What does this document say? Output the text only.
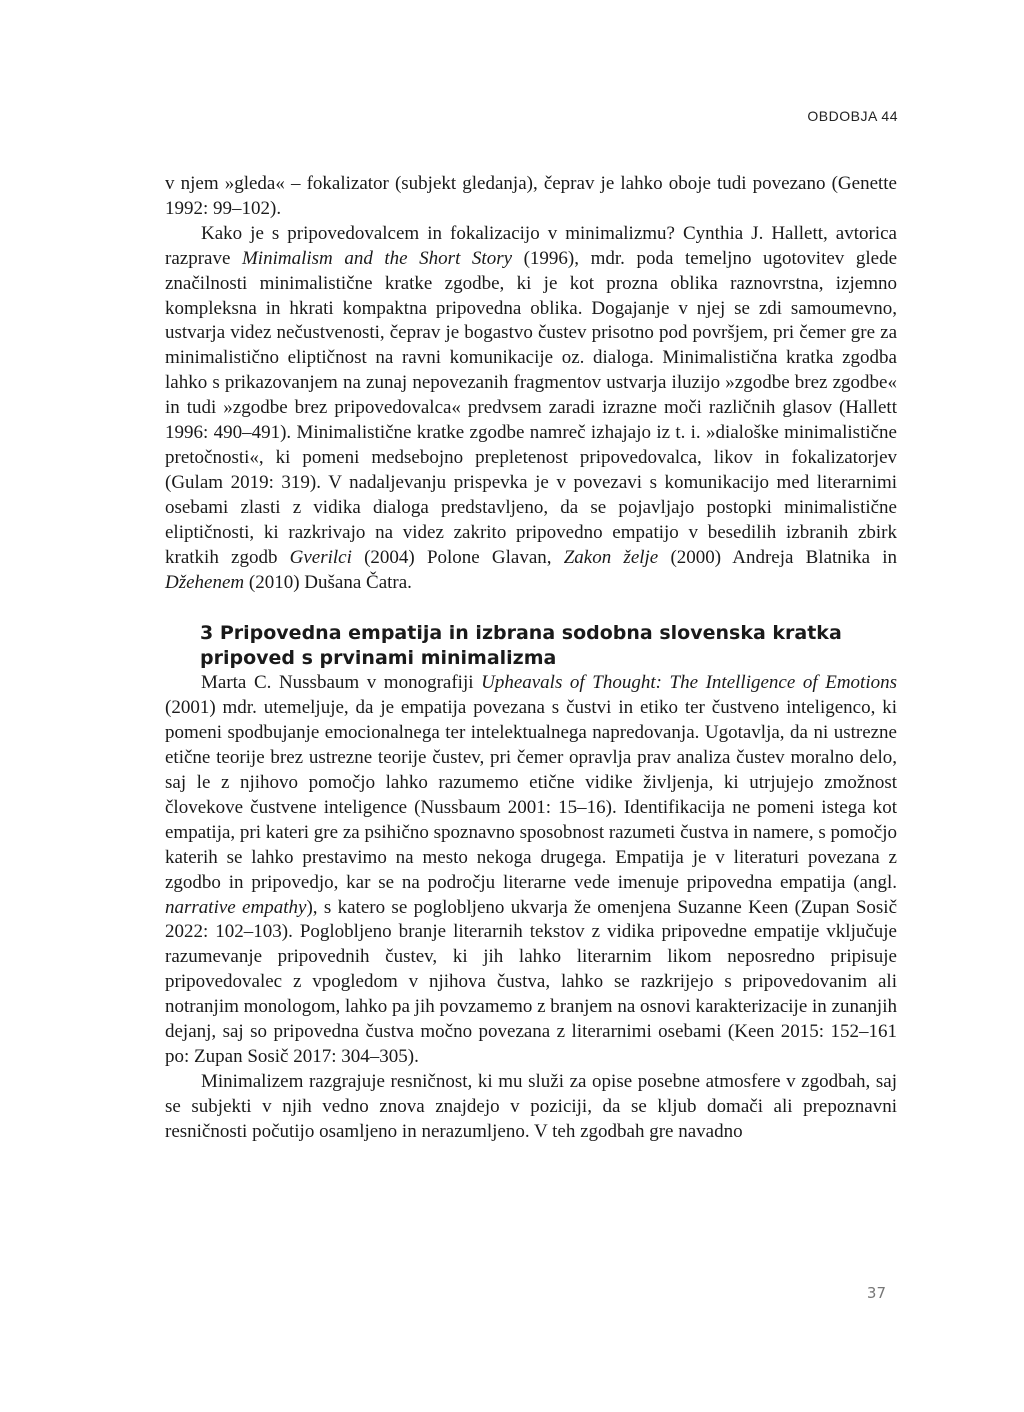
OBDOBJA 44

v njem »gleda« – fokalizator (subjekt gledanja), čeprav je lahko oboje tudi povezano (Genette 1992: 99–102).

Kako je s pripovedovalcem in fokalizacijo v minimalizmu? Cynthia J. Hallett, avtorica razprave Minimalism and the Short Story (1996), mdr. poda temeljno ugotovitev glede značilnosti minimalistične kratke zgodbe, ki je kot prozna oblika raznovrstna, izjemno kompleksna in hkrati kompaktna pripovedna oblika. Dogajanje v njej se zdi samoumevno, ustvarja videz nečustvenosti, čeprav je bogastvo čustev prisotno pod površjem, pri čemer gre za minimalistično eliptičnost na ravni komunikacije oz. dialoga. Minimalistična kratka zgodba lahko s prikazovanjem na zunaj nepovezanih fragmentov ustvarja iluzijo »zgodbe brez zgodbe« in tudi »zgodbe brez pripovedovalca« predvsem zaradi izrazne moči različnih glasov (Hallett 1996: 490–491). Minimalistične kratke zgodbe namreč izhajajo iz t. i. »dialoške minimalistične pretočnosti«, ki pomeni medsebojno prepletenost pripovedovalca, likov in fokalizatorjev (Gulam 2019: 319). V nadaljevanju prispevka je v povezavi s komunikacijo med literarnimi osebami zlasti z vidika dialoga predstavljeno, da se pojavljajo postopki minimalistične eliptičnosti, ki razkrivajo na videz zakrito pripovedno empatijo v besedilih izbranih zbirk kratkih zgodb Gverilci (2004) Polone Glavan, Zakon želje (2000) Andreja Blatnika in Džehenem (2010) Dušana Čatra.

3 Pripovedna empatija in izbrana sodobna slovenska kratka pripoved s prvinami minimalizma

Marta C. Nussbaum v monografiji Upheavals of Thought: The Intelligence of Emotions (2001) mdr. utemeljuje, da je empatija povezana s čustvi in etiko ter čustveno inteligenco, ki pomeni spodbujanje emocionalnega ter intelektualnega napredovanja. Ugotavlja, da ni ustrezne etične teorije brez ustrezne teorije čustev, pri čemer opravlja prav analiza čustev moralno delo, saj le z njihovo pomočjo lahko razumemo etične vidike življenja, ki utrjujejo zmožnost človekove čustvene inteligence (Nussbaum 2001: 15–16). Identifikacija ne pomeni istega kot empatija, pri kateri gre za psihično spoznavno sposobnost razumeti čustva in namere, s pomočjo katerih se lahko prestavimo na mesto nekoga drugega. Empatija je v literaturi povezana z zgodbo in pripovedjo, kar se na področju literarne vede imenuje pripovedna empatija (angl. narrative empathy), s katero se poglobljeno ukvarja že omenjena Suzanne Keen (Zupan Sosič 2022: 102–103). Poglobljeno branje literarnih tekstov z vidika pripovedne empatije vključuje razumevanje pripovednih čustev, ki jih lahko literarnim likom neposredno pripisuje pripovedovalec z vpogledom v njihova čustva, lahko se razkrijejo s pripovedovanim ali notranjim monologom, lahko pa jih povzamemo z branjem na osnovi karakterizacije in zunanjih dejanj, saj so pripovedna čustva močno povezana z literarnimi osebami (Keen 2015: 152–161 po: Zupan Sosič 2017: 304–305).

Minimalizem razgrajuje resničnost, ki mu služi za opise posebne atmosfere v zgodbah, saj se subjekti v njih vedno znova znajdejo v poziciji, da se kljub domači ali prepoznavni resničnosti počutijo osamljeno in nerazumljeno. V teh zgodbah gre navadno

37
